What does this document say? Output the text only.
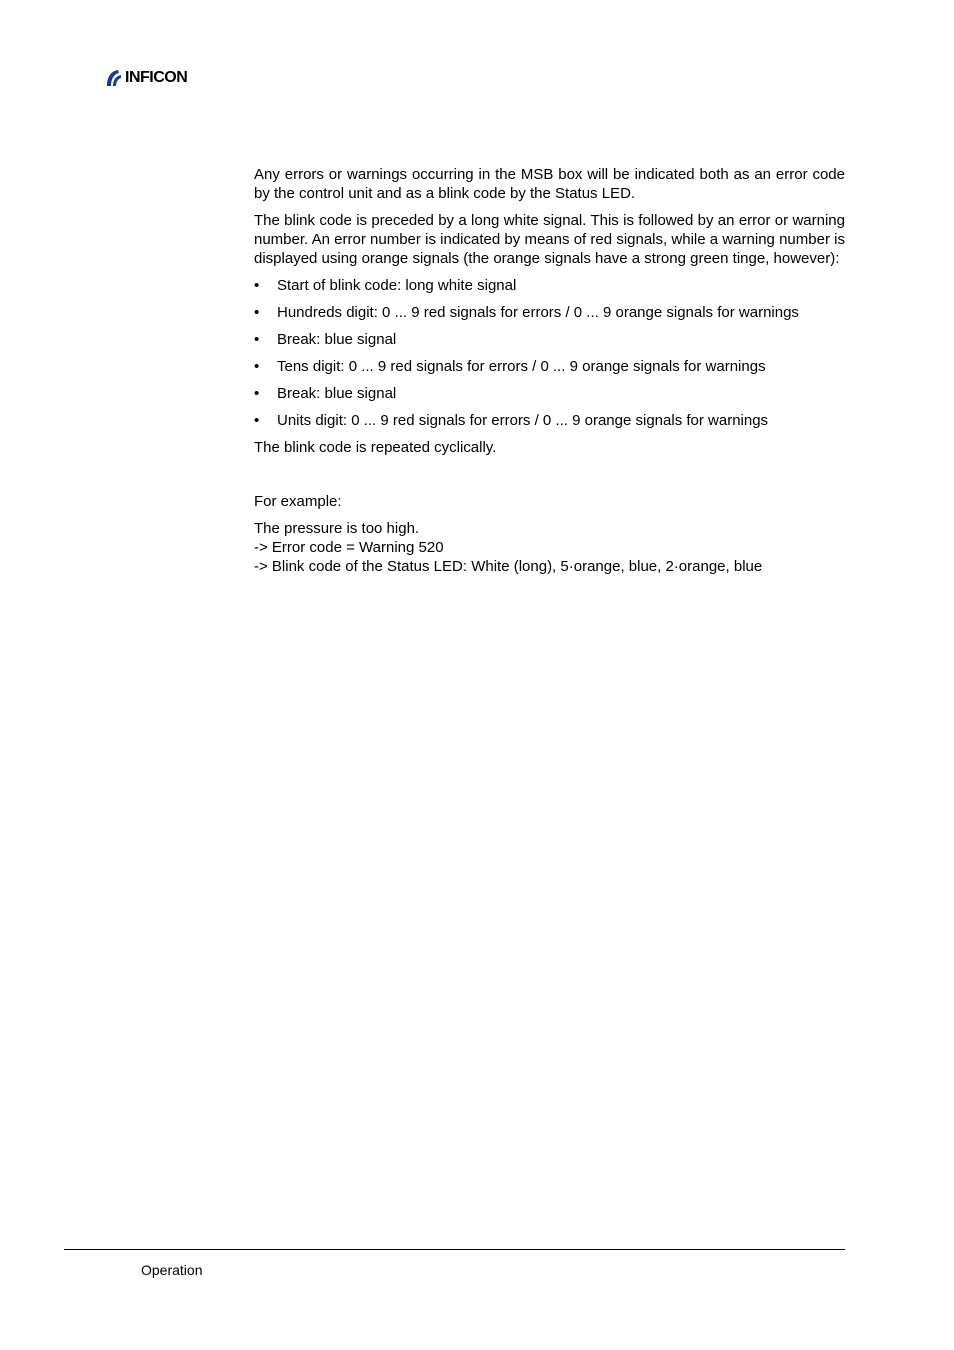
INFICON

Any errors or warnings occurring in the MSB box will be indicated both as an error code by the control unit and as a blink code by the Status LED.

The blink code is preceded by a long white signal. This is followed by an error or warning number. An error number is indicated by means of red signals, while a warning number is displayed using orange signals (the orange signals have a strong green tinge, however):

• Start of blink code: long white signal
• Hundreds digit: 0 ... 9 red signals for errors / 0 ... 9 orange signals for warnings
• Break: blue signal
• Tens digit: 0 ... 9 red signals for errors / 0 ... 9 orange signals for warnings
• Break: blue signal
• Units digit: 0 ... 9 red signals for errors / 0 ... 9 orange signals for warnings

The blink code is repeated cyclically.

For example:

The pressure is too high.
-> Error code = Warning 520
-> Blink code of the Status LED: White (long), 5·orange, blue, 2·orange, blue
Operation
